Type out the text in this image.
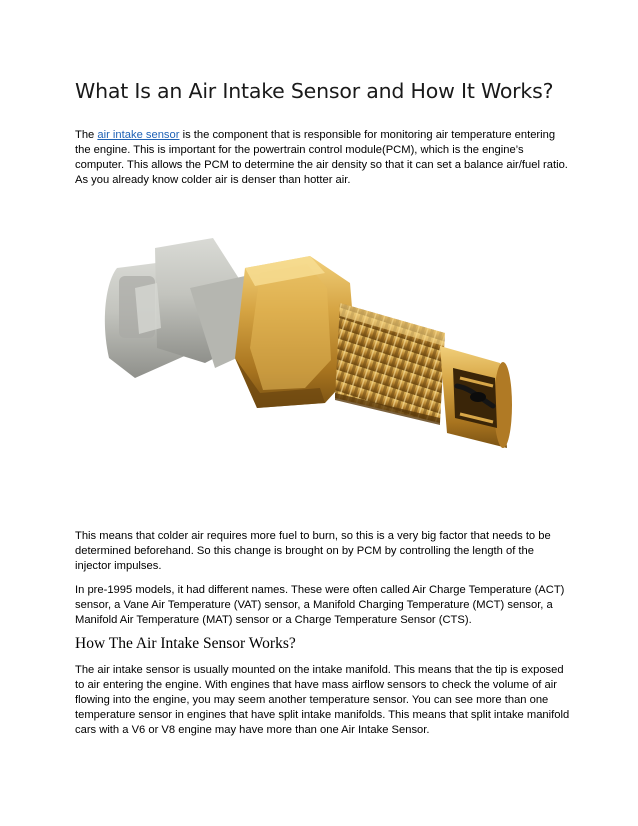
What Is an Air Intake Sensor and How It Works?

The air intake sensor is the component that is responsible for monitoring air temperature entering the engine. This is important for the powertrain control module(PCM), which is the engine’s computer. This allows the PCM to determine the air density so that it can set a balance air/fuel ratio. As you already know colder air is denser than hotter air.

This means that colder air requires more fuel to burn, so this is a very big factor that needs to be determined beforehand. So this change is brought on by PCM by controlling the length of the injector impulses.

In pre-1995 models, it had different names. These were often called Air Charge Temperature (ACT) sensor, a Vane Air Temperature (VAT) sensor, a Manifold Charging Temperature (MCT) sensor, a Manifold Air Temperature (MAT) sensor or a Charge Temperature Sensor (CTS).

How The Air Intake Sensor Works?

The air intake sensor is usually mounted on the intake manifold. This means that the tip is exposed to air entering the engine. With engines that have mass airflow sensors to check the volume of air flowing into the engine, you may seem another temperature sensor. You can see more than one temperature sensor in engines that have split intake manifolds. This means that split intake manifold cars with a V6 or V8 engine may have more than one Air Intake Sensor.
